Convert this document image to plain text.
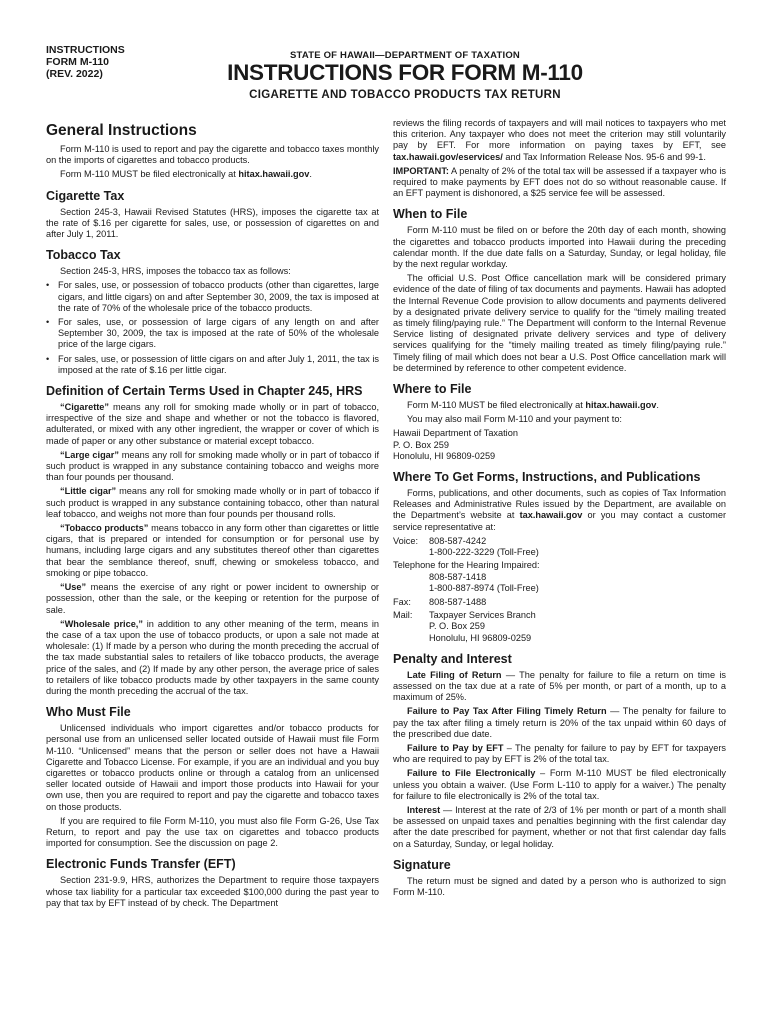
INSTRUCTIONS
FORM M-110
(REV. 2022)
STATE OF HAWAII—DEPARTMENT OF TAXATION
INSTRUCTIONS FOR FORM M-110
CIGARETTE AND TOBACCO PRODUCTS TAX RETURN
General Instructions

Form M-110 is used to report and pay the cigarette and tobacco taxes monthly on the imports of cigarettes and tobacco products.

Form M-110 MUST be filed electronically at hitax.hawaii.gov.

Cigarette Tax

Section 245-3, Hawaii Revised Statutes (HRS), imposes the cigarette tax at the rate of $.16 per cigarette for sales, use, or possession of cigarettes on and after July 1, 2011.

Tobacco Tax

Section 245-3, HRS, imposes the tobacco tax as follows:

• For sales, use, or possession of tobacco products (other than cigarettes, large cigars, and little cigars) on and after September 30, 2009, the tax is imposed at the rate of 70% of the wholesale price of the tobacco products.
• For sales, use, or possession of large cigars of any length on and after September 30, 2009, the tax is imposed at the rate of 50% of the wholesale price of the large cigars.
• For sales, use, or possession of little cigars on and after July 1, 2011, the tax is imposed at the rate of $.16 per little cigar.
Definition of Certain Terms Used in Chapter 245, HRS

“Cigarette” means any roll for smoking made wholly or in part of tobacco, irrespective of the size and shape and whether or not the tobacco is flavored, adulterated, or mixed with any other ingredient, the wrapper or cover of which is made of paper or any other substance or material except tobacco.

“Large cigar” means any roll for smoking made wholly or in part of tobacco if such product is wrapped in any substance containing tobacco and weighs more than four pounds per thousand.

“Little cigar” means any roll for smoking made wholly or in part of tobacco if such product is wrapped in any substance containing tobacco, other than natural leaf tobacco, and weighs not more than four pounds per thousand rolls.

“Tobacco products” means tobacco in any form other than cigarettes or little cigars, that is prepared or intended for consumption or for personal use by humans, including large cigars and any substitutes thereof other than cigarettes that bear the semblance thereof, snuff, chewing or smokeless tobacco, and smoking or pipe tobacco.

“Use” means the exercise of any right or power incident to ownership or possession, other than the sale, or the keeping or retention for the purpose of sale.

“Wholesale price,” in addition to any other meaning of the term, means in the case of a tax upon the use of tobacco products, or upon a sale not made at wholesale: (1) If made by a person who during the month preceding the accrual of the tax made substantial sales to retailers of like tobacco products, the average price of the sales, and (2) If made by any other person, the average price of sales to retailers of like tobacco products made by other taxpayers in the same county during the month preceding the accrual of the tax.

Who Must File

Unlicensed individuals who import cigarettes and/or tobacco products for personal use from an unlicensed seller located outside of Hawaii must file Form M-110. “Unlicensed” means that the person or seller does not have a Hawaii Cigarette and Tobacco License. For example, if you are an individual and you buy cigarettes or tobacco products online or through a catalog from an unlicensed seller located outside of Hawaii and import those products into Hawaii for your own use, then you are required to report and pay the cigarette and tobacco taxes on those products.

If you are required to file Form M-110, you must also file Form G-26, Use Tax Return, to report and pay the use tax on cigarettes and tobacco products imported for consumption. See the discussion on page 2.

Electronic Funds Transfer (EFT)

Section 231-9.9, HRS, authorizes the Department to require those taxpayers whose tax liability for a particular tax exceeded $100,000 during the past year to pay that tax by EFT instead of by check. The Department

reviews the filing records of taxpayers and will mail notices to taxpayers who met this criterion. Any taxpayer who does not meet the criterion may still voluntarily pay by EFT. For more information on paying taxes by EFT, see tax.hawaii.gov/eservices/ and Tax Information Release Nos. 95-6 and 99-1.

IMPORTANT: A penalty of 2% of the total tax will be assessed if a taxpayer who is required to make payments by EFT does not do so without reasonable cause. If an EFT payment is dishonored, a $25 service fee will be assessed.

When to File

Form M-110 must be filed on or before the 20th day of each month, showing the cigarettes and tobacco products imported into Hawaii during the preceding calendar month. If the due date falls on a Saturday, Sunday, or legal holiday, file by the next regular workday.

The official U.S. Post Office cancellation mark will be considered primary evidence of the date of filing of tax documents and payments. Hawaii has adopted the Internal Revenue Code provision to allow documents and payments delivered by a designated private delivery service to qualify for the “timely mailing treated as timely filing/paying rule.” The Department will conform to the Internal Revenue Service listing of designated private delivery services and type of delivery services qualifying for the “timely mailing treated as timely filing/paying rule.” Timely filing of mail which does not bear a U.S. Post Office cancellation mark will be determined by reference to other competent evidence.

Where to File

Form M-110 MUST be filed electronically at hitax.hawaii.gov.

You may also mail Form M-110 and your payment to:

Hawaii Department of Taxation
P. O. Box 259
Honolulu, HI 96809-0259
Where To Get Forms, Instructions, and Publications

Forms, publications, and other documents, such as copies of Tax Information Releases and Administrative Rules issued by the Department, are available on the Department’s website at tax.hawaii.gov or you may contact a customer service representative at:

Voice:	808-587-4242
1-800-222-3229 (Toll-Free)
Telephone for the Hearing Impaired:
808-587-1418
1-800-887-8974 (Toll-Free)
Fax:	808-587-1488
Mail:	Taxpayer Services Branch
P. O. Box 259
Honolulu, HI 96809-0259
Penalty and Interest

Late Filing of Return — The penalty for failure to file a return on time is assessed on the tax due at a rate of 5% per month, or part of a month, up to a maximum of 25%.

Failure to Pay Tax After Filing Timely Return — The penalty for failure to pay the tax after filing a timely return is 20% of the tax unpaid within 60 days of the prescribed due date.

Failure to Pay by EFT – The penalty for failure to pay by EFT for taxpayers who are required to pay by EFT is 2% of the total tax.

Failure to File Electronically – Form M-110 MUST be filed electronically unless you obtain a waiver. (Use Form L-110 to apply for a waiver.) The penalty for failure to file electronically is 2% of the total tax.

Interest — Interest at the rate of 2/3 of 1% per month or part of a month shall be assessed on unpaid taxes and penalties beginning with the first calendar day after the date prescribed for payment, whether or not that first calendar day falls on a Saturday, Sunday, or legal holiday.

Signature

The return must be signed and dated by a person who is authorized to sign Form M-110.
